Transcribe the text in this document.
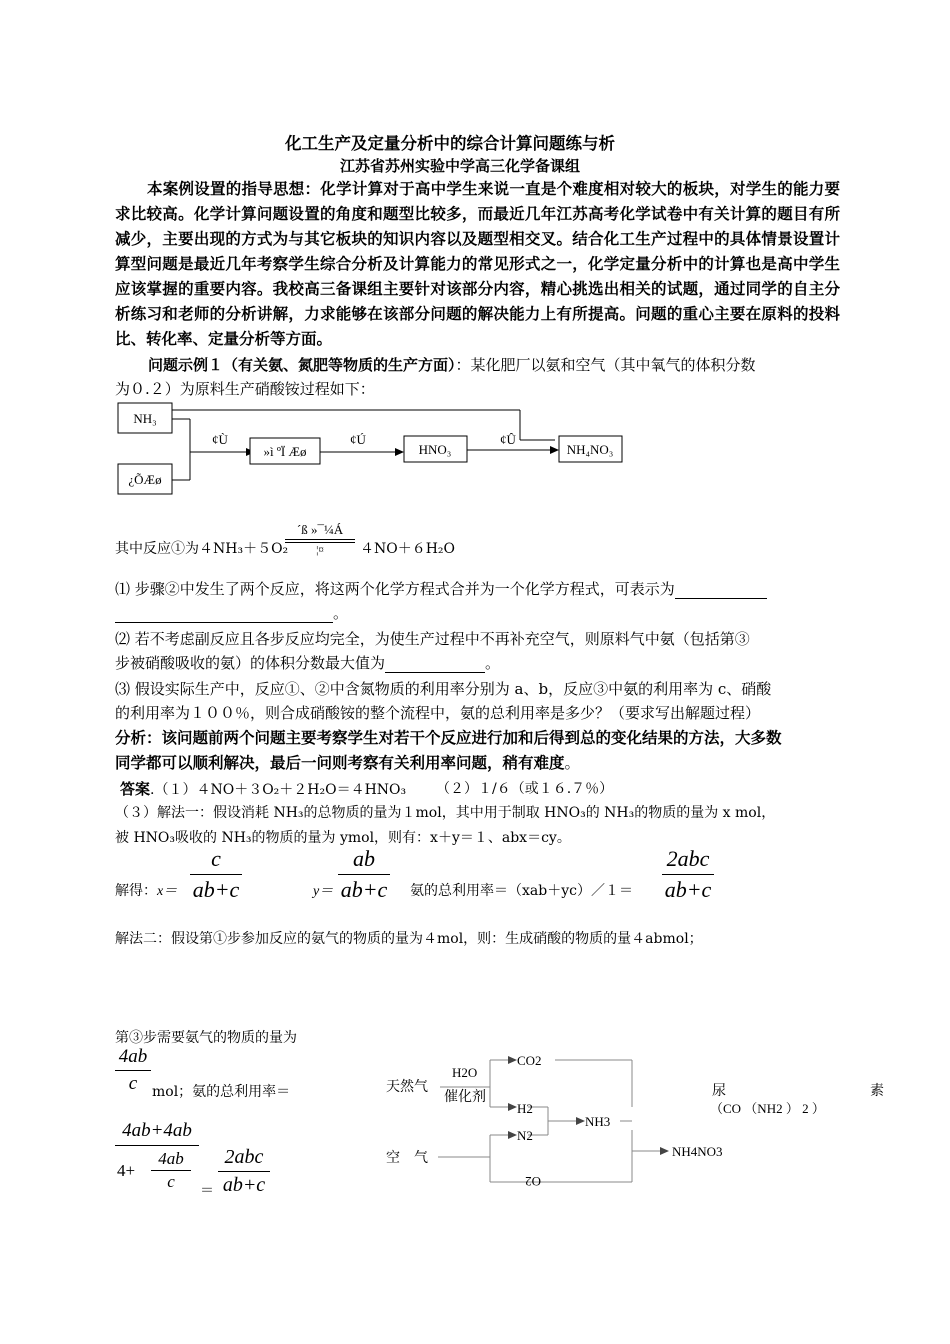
化工生产及定量分析中的综合计算问题练与析
江苏省苏州实验中学高三化学备课组
本案例设置的指导思想：化学计算对于高中学生来说一直是个难度相对较大的板块，对学生的能力要求比较高。化学计算问题设置的角度和题型比较多，而最近几年江苏高考化学试卷中有关计算的题目有所减少，主要出现的方式为与其它板块的知识内容以及题型相交叉。结合化工生产过程中的具体情景设置计算型问题是最近几年考察学生综合分析及计算能力的常见形式之一，化学定量分析中的计算也是高中学生应该掌握的重要内容。我校高三备课组主要针对该部分内容，精心挑选出相关的试题，通过同学的自主分析练习和老师的分析讲解，力求能够在该部分问题的解决能力上有所提高。问题的重心主要在原料的投料比、转化率、定量分析等方面。
问题示例１（有关氨、氮肥等物质的生产方面）：某化肥厂以氨和空气（其中氧气的体积分数
为０.２）为原料生产硝酸铵过程如下：
NH₃
¿ÕÆø
¢Ù
»ì ºÏ Æø
¢Ú
HNO₃
¢Û
NH₄NO₃
其中反应①为４NH₃＋５O₂
´ß »¯¼Á
¦¤	４NO＋６H₂O
⑴ 步骤②中发生了两个反应，将这两个化学方程式合并为一个化学方程式，可表示为
。
⑵ 若不考虑副反应且各步反应均完全，为使生产过程中不再补充空气，则原料气中氨（包括第③
步被硝酸吸收的氨）的体积分数最大值为	。
⑶ 假设实际生产中，反应①、②中含氮物质的利用率分别为 a、b，反应③中氨的利用率为 c、硝酸
的利用率为１００％，则合成硝酸铵的整个流程中，氨的总利用率是多少？（要求写出解题过程）
分析：该问题前两个问题主要考察学生对若干个反应进行加和后得到总的变化结果的方法，大多数
同学都可以顺利解决，最后一问则考察有关利用率问题，稍有难度。
答案.（１）４NO＋３O₂＋２H₂O＝４HNO₃ （２）１/６（或１６.７％）
（３）解法一：假设消耗 NH₃的总物质的量为１mol，其中用于制取 HNO₃的 NH₃的物质的量为 x mol，
被 HNO₃吸收的 NH₃的物质的量为 ymol，则有：x＋y＝１、abx＝cy。
解得：x＝
c
ab+c	y＝
ab
ab+c 氨的总利用率＝（xab＋yc）／１＝
2abc
ab+c
解法二：假设第①步参加反应的氨气的物质的量为４mol，则：生成硝酸的物质的量４abmol；
第③步需要氨气的物质的量为
4ab
c	mol；氨的总利用率＝
4ab+4ab
4+
4ab
c	＝
2abc
ab+c
天然气
H2O
催化剂
CO2
H2
NH3
N2
空　气
O2
NH4NO3
尿	素
（CO （NH2 ） 2 ）
